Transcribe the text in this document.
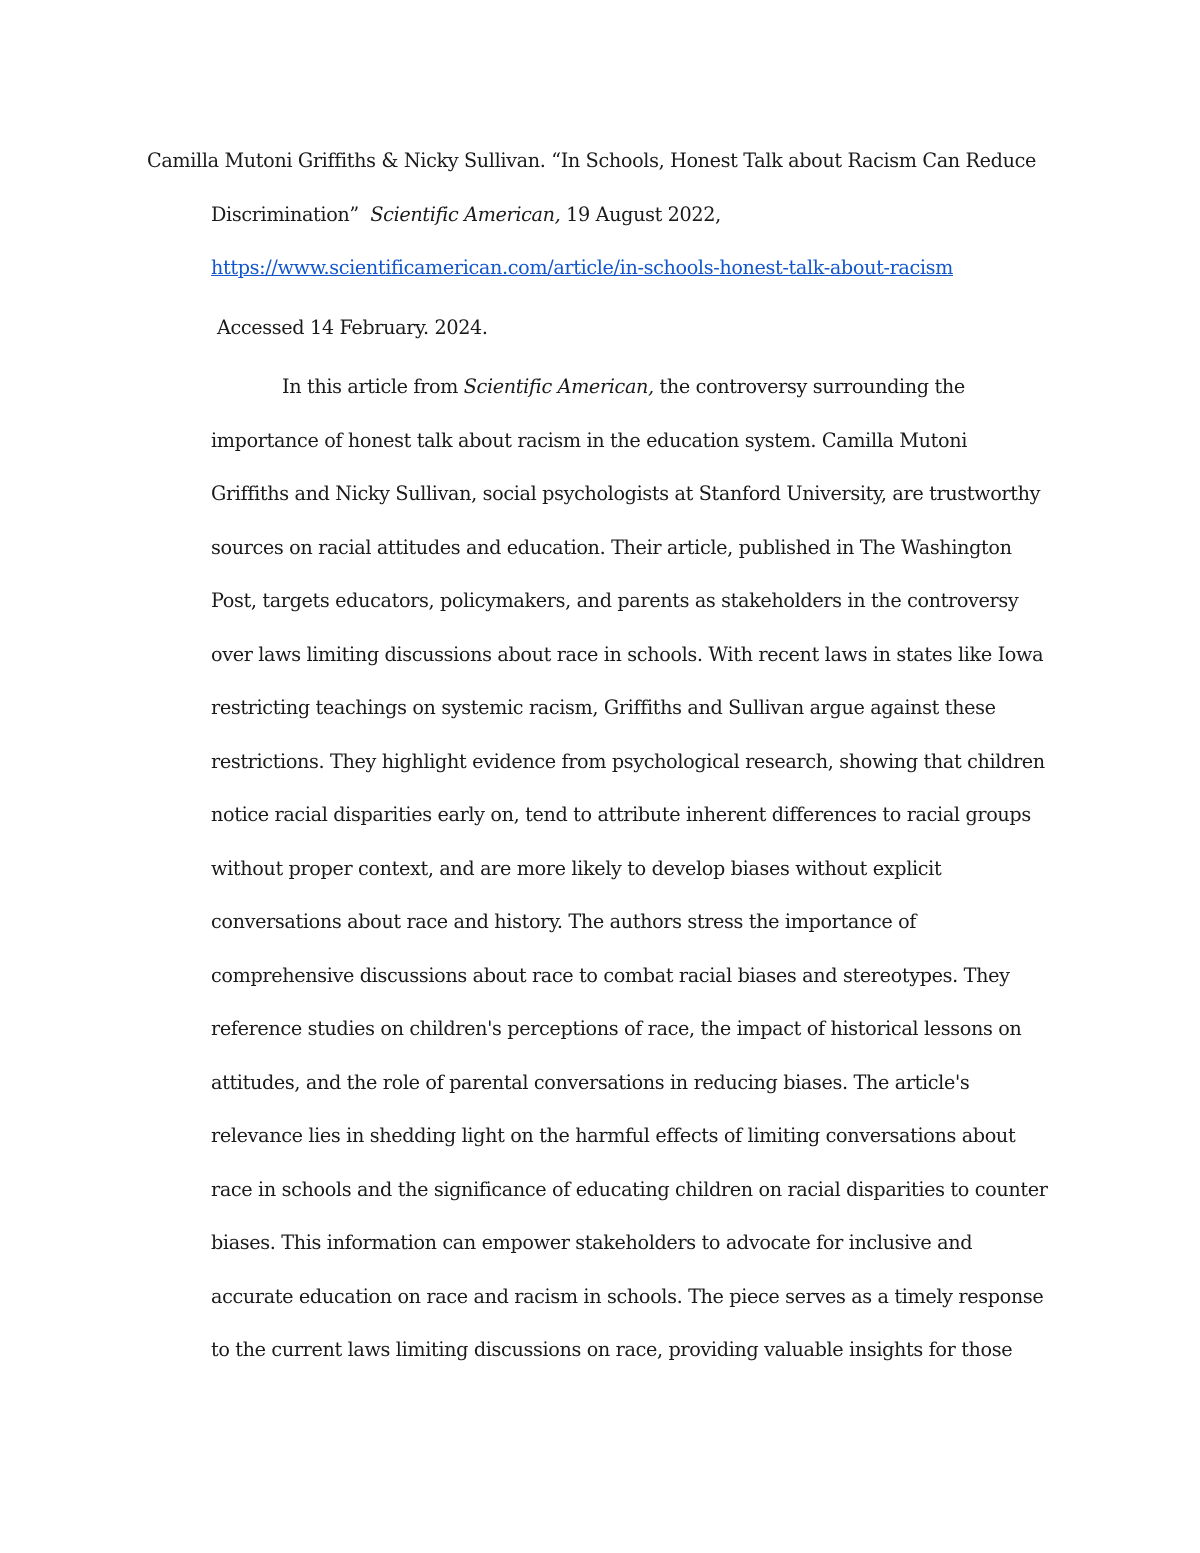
Camilla Mutoni Griffiths & Nicky Sullivan. “In Schools, Honest Talk about Racism Can Reduce

Discrimination” Scientific American, 19 August 2022,

https://www.scientificamerican.com/article/in-schools-honest-talk-about-racism

Accessed 14 February. 2024.

In this article from Scientific American, the controversy surrounding the

importance of honest talk about racism in the education system. Camilla Mutoni

Griffiths and Nicky Sullivan, social psychologists at Stanford University, are trustworthy

sources on racial attitudes and education. Their article, published in The Washington

Post, targets educators, policymakers, and parents as stakeholders in the controversy

over laws limiting discussions about race in schools. With recent laws in states like Iowa

restricting teachings on systemic racism, Griffiths and Sullivan argue against these

restrictions. They highlight evidence from psychological research, showing that children

notice racial disparities early on, tend to attribute inherent differences to racial groups

without proper context, and are more likely to develop biases without explicit

conversations about race and history. The authors stress the importance of

comprehensive discussions about race to combat racial biases and stereotypes. They

reference studies on children's perceptions of race, the impact of historical lessons on

attitudes, and the role of parental conversations in reducing biases. The article's

relevance lies in shedding light on the harmful effects of limiting conversations about

race in schools and the significance of educating children on racial disparities to counter

biases. This information can empower stakeholders to advocate for inclusive and

accurate education on race and racism in schools. The piece serves as a timely response

to the current laws limiting discussions on race, providing valuable insights for those
